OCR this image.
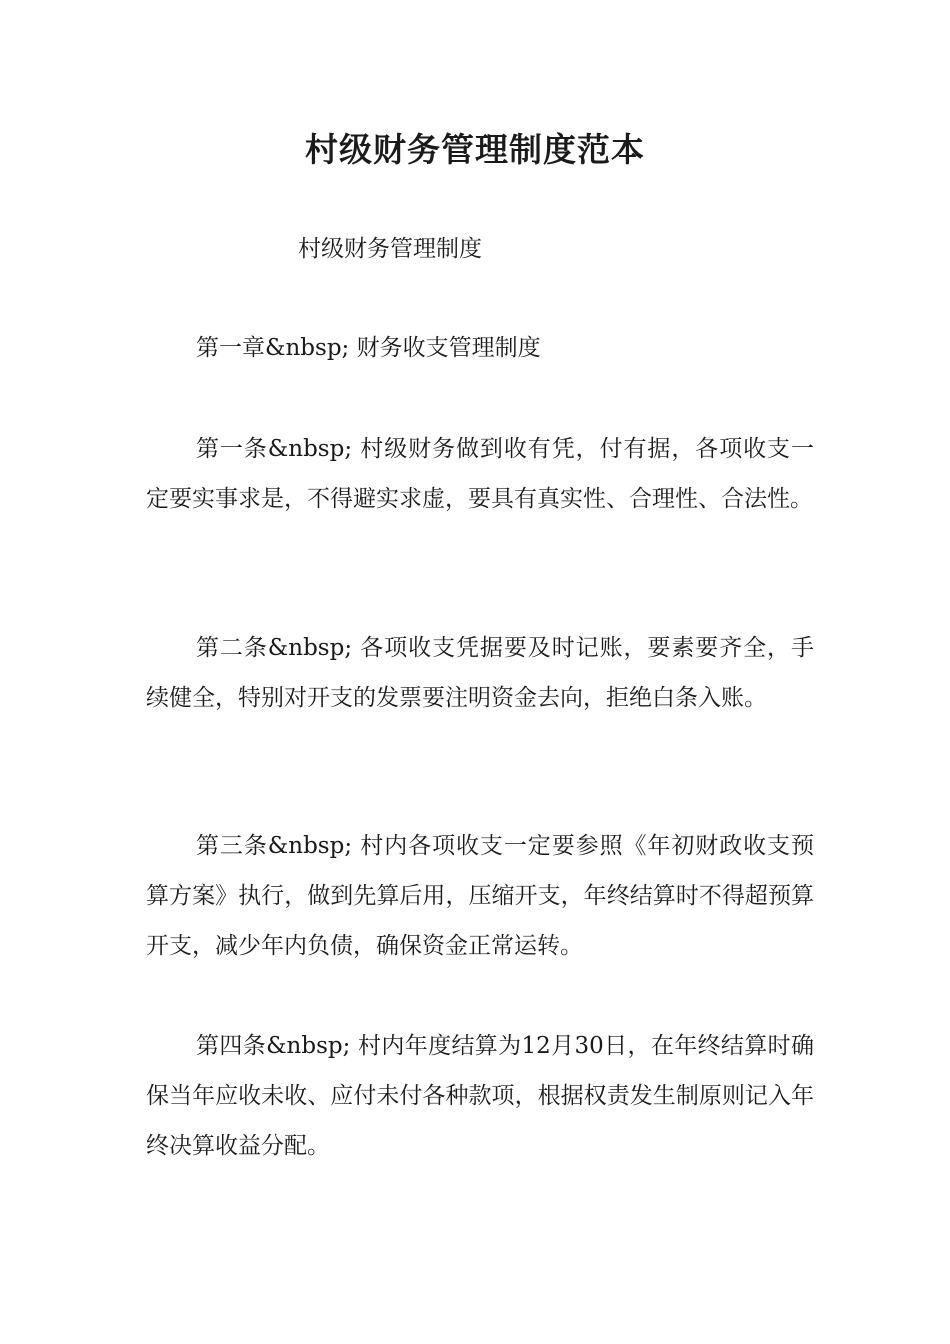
村级财务管理制度范本

村级财务管理制度

第一章&nbsp; 财务收支管理制度

第一条&nbsp; 村级财务做到收有凭，付有据，各项收支一定要实事求是，不得避实求虚，要具有真实性、合理性、合法性。

第二条&nbsp; 各项收支凭据要及时记账，要素要齐全，手续健全，特别对开支的发票要注明资金去向，拒绝白条入账。

第三条&nbsp; 村内各项收支一定要参照《年初财政收支预算方案》执行，做到先算后用，压缩开支，年终结算时不得超预算开支，减少年内负债，确保资金正常运转。

第四条&nbsp; 村内年度结算为12月30日，在年终结算时确保当年应收未收、应付未付各种款项，根据权责发生制原则记入年终决算收益分配。
